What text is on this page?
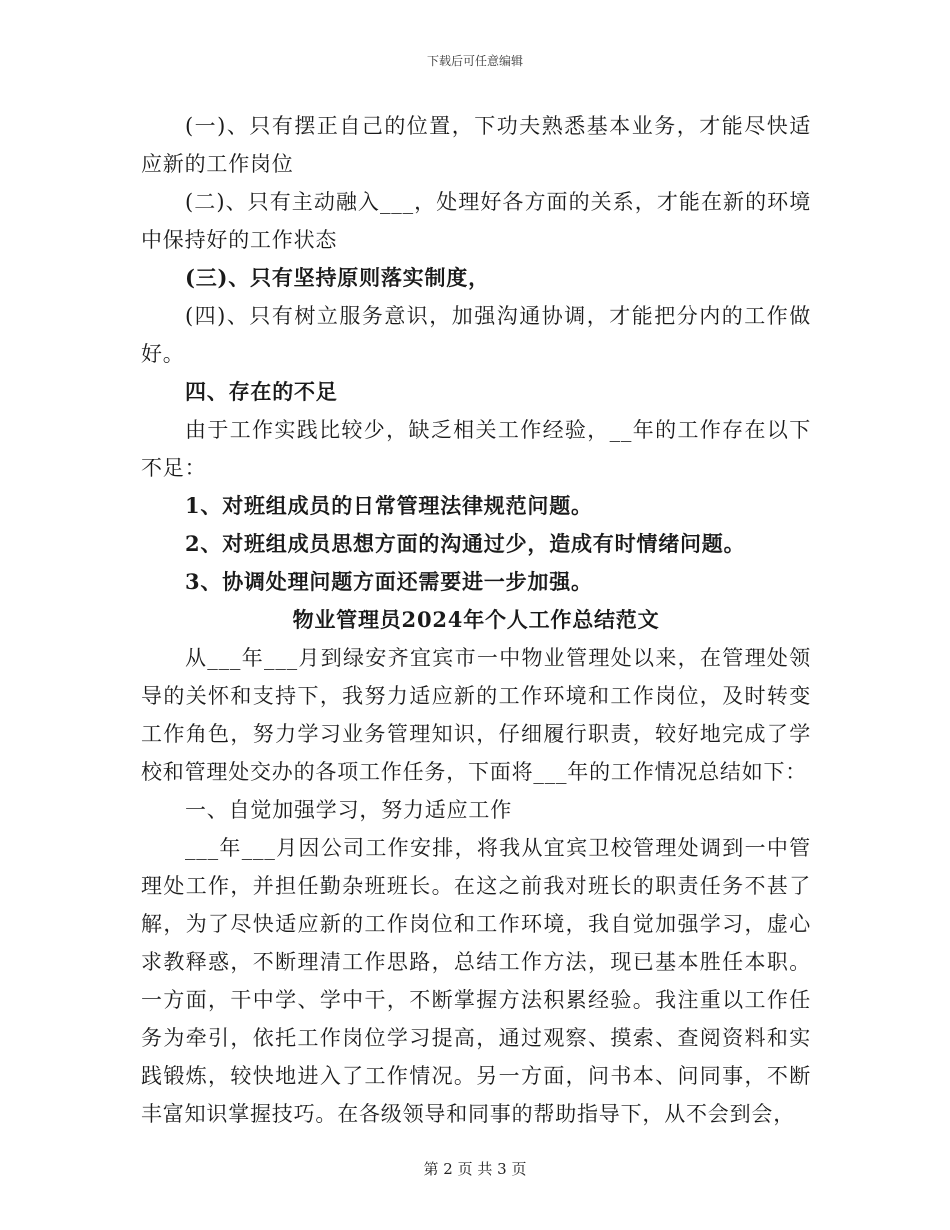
下载后可任意编辑

(一)、只有摆正自己的位置，下功夫熟悉基本业务，才能尽快适应新的工作岗位

(二)、只有主动融入___，处理好各方面的关系，才能在新的环境中保持好的工作状态

(三)、只有坚持原则落实制度，

(四)、只有树立服务意识，加强沟通协调，才能把分内的工作做好。

四、存在的不足

由于工作实践比较少，缺乏相关工作经验，__年的工作存在以下不足：

1、对班组成员的日常管理法律规范问题。

2、对班组成员思想方面的沟通过少，造成有时情绪问题。

3、协调处理问题方面还需要进一步加强。

物业管理员2024年个人工作总结范文

从___年___月到绿安齐宜宾市一中物业管理处以来，在管理处领导的关怀和支持下，我努力适应新的工作环境和工作岗位，及时转变工作角色，努力学习业务管理知识，仔细履行职责，较好地完成了学校和管理处交办的各项工作任务，下面将___年的工作情况总结如下：

一、自觉加强学习，努力适应工作

___年___月因公司工作安排，将我从宜宾卫校管理处调到一中管理处工作，并担任勤杂班班长。在这之前我对班长的职责任务不甚了解，为了尽快适应新的工作岗位和工作环境，我自觉加强学习，虚心求教释惑，不断理清工作思路，总结工作方法，现已基本胜任本职。一方面，干中学、学中干，不断掌握方法积累经验。我注重以工作任务为牵引，依托工作岗位学习提高，通过观察、摸索、查阅资料和实践锻炼，较快地进入了工作情况。另一方面，问书本、问同事，不断丰富知识掌握技巧。在各级领导和同事的帮助指导下，从不会到会，

第 2 页 共 3 页
